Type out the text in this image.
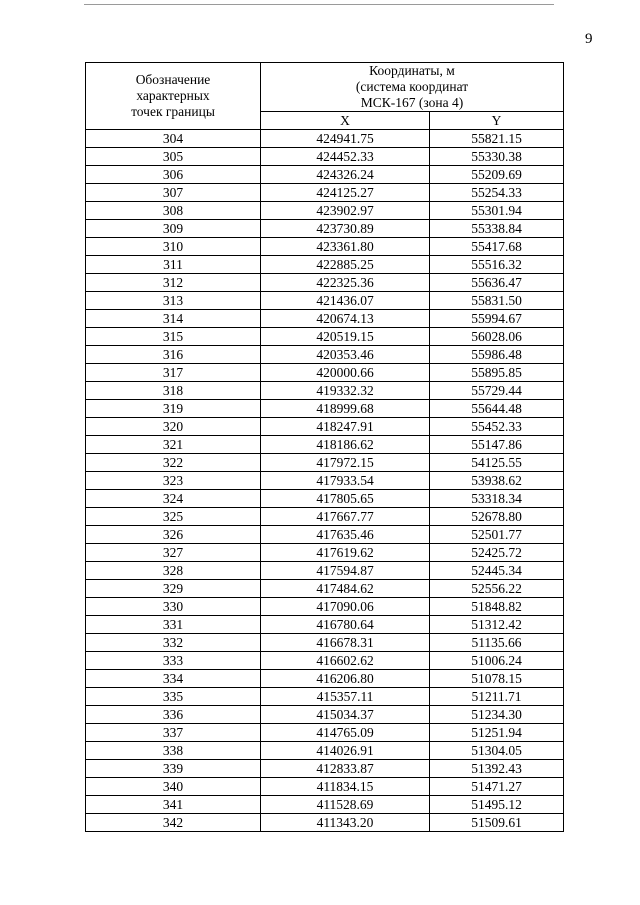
9
Обозначение
характерных
точек границы	Координаты, м
(система координат
МСК-167 (зона 4)	

	X	Y
304	424941.75	55821.15
305	424452.33	55330.38
306	424326.24	55209.69
307	424125.27	55254.33
308	423902.97	55301.94
309	423730.89	55338.84
310	423361.80	55417.68
311	422885.25	55516.32
312	422325.36	55636.47
313	421436.07	55831.50
314	420674.13	55994.67
315	420519.15	56028.06
316	420353.46	55986.48
317	420000.66	55895.85
318	419332.32	55729.44
319	418999.68	55644.48
320	418247.91	55452.33
321	418186.62	55147.86
322	417972.15	54125.55
323	417933.54	53938.62
324	417805.65	53318.34
325	417667.77	52678.80
326	417635.46	52501.77
327	417619.62	52425.72
328	417594.87	52445.34
329	417484.62	52556.22
330	417090.06	51848.82
331	416780.64	51312.42
332	416678.31	51135.66
333	416602.62	51006.24
334	416206.80	51078.15
335	415357.11	51211.71
336	415034.37	51234.30
337	414765.09	51251.94
338	414026.91	51304.05
339	412833.87	51392.43
340	411834.15	51471.27
341	411528.69	51495.12
342	411343.20	51509.61
